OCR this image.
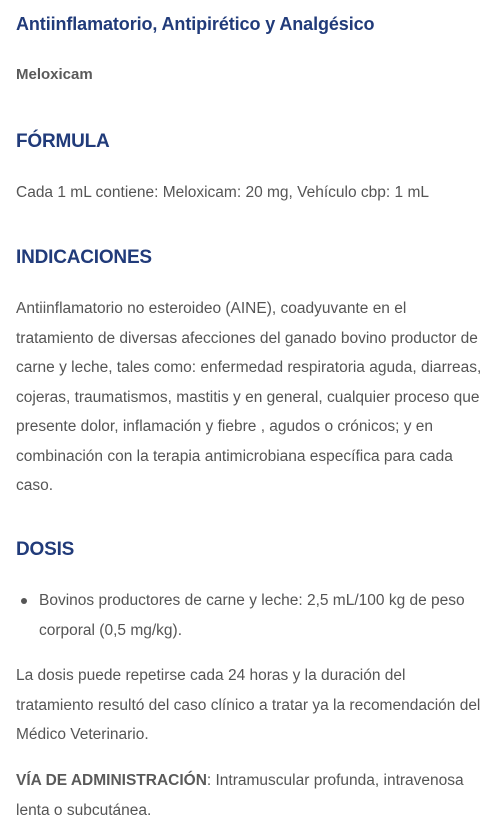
Antiinflamatorio, Antipirético y Analgésico

Meloxicam

FÓRMULA

Cada 1 mL contiene: Meloxicam: 20 mg, Vehículo cbp: 1 mL

INDICACIONES

Antiinflamatorio no esteroideo (AINE), coadyuvante en el tratamiento de diversas afecciones del ganado bovino productor de carne y leche, tales como: enfermedad respiratoria aguda, diarreas, cojeras, traumatismos, mastitis y en general, cualquier proceso que presente dolor, inflamación y fiebre , agudos o crónicos; y en combinación con la terapia antimicrobiana específica para cada caso.

DOSIS
Bovinos productores de carne y leche: 2,5 mL/100 kg de peso corporal (0,5 mg/kg).

La dosis puede repetirse cada 24 horas y la duración del tratamiento resultó del caso clínico a tratar ya la recomendación del Médico Veterinario.

VÍA DE ADMINISTRACIÓN: Intramuscular profunda, intravenosa lenta o subcutánea.
